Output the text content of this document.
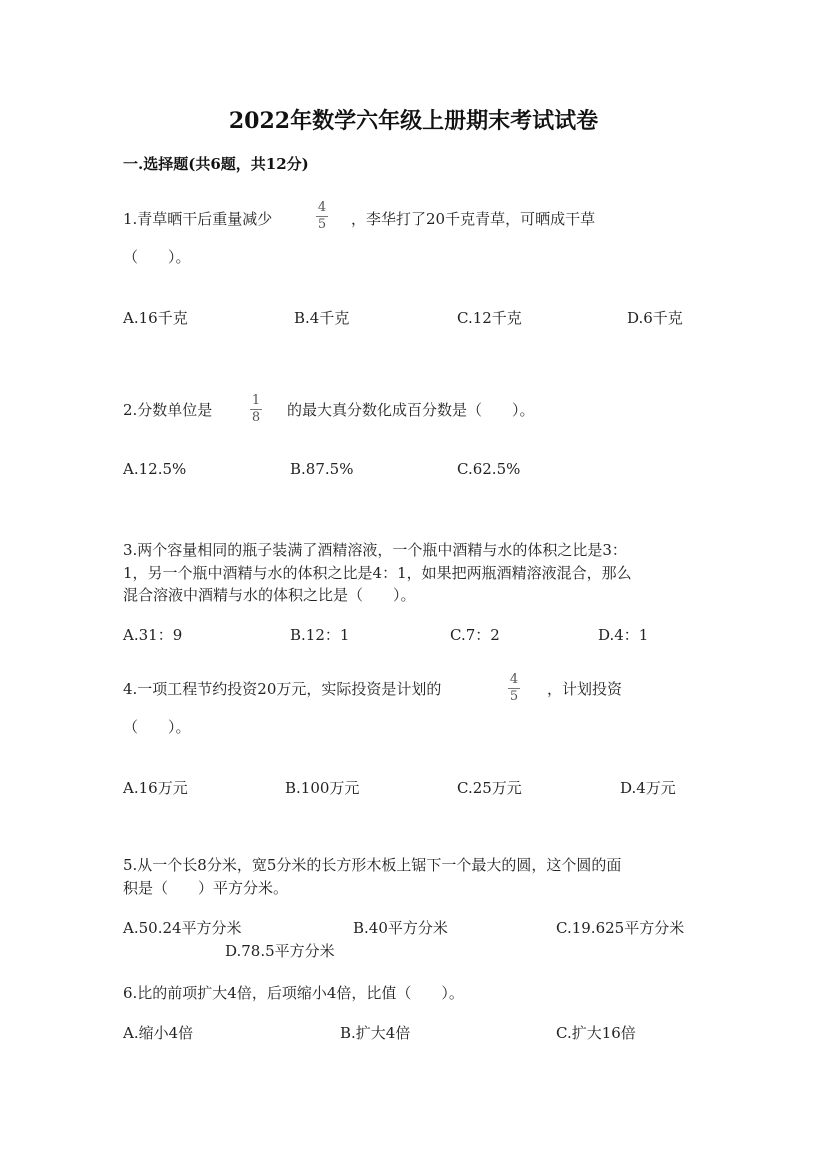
2022年数学六年级上册期末考试试卷
一.选择题(共6题，共12分)
1.青草晒干后重量减少
4
5 ，李华打了20千克青草，可晒成干草
（　　）。
A.16千克	B.4千克	C.12千克	D.6千克
2.分数单位是
1
8 的最大真分数化成百分数是（　　）。
A.12.5%	B.87.5%	C.62.5%
3.两个容量相同的瓶子装满了酒精溶液，一个瓶中酒精与水的体积之比是3：
1，另一个瓶中酒精与水的体积之比是4：1，如果把两瓶酒精溶液混合，那么
混合溶液中酒精与水的体积之比是（　　）。
A.31：9	B.12：1	C.7：2	D.4：1
4.一项工程节约投资20万元，实际投资是计划的
4
5 ，计划投资
（　　）。
A.16万元	B.100万元	C.25万元	D.4万元
5.从一个长8分米，宽5分米的长方形木板上锯下一个最大的圆，这个圆的面
积是（　　）平方分米。
A.50.24平方分米	B.40平方分米	C.19.625平方分米
D.78.5平方分米
6.比的前项扩大4倍，后项缩小4倍，比值（　　）。
A.缩小4倍	B.扩大4倍	C.扩大16倍
